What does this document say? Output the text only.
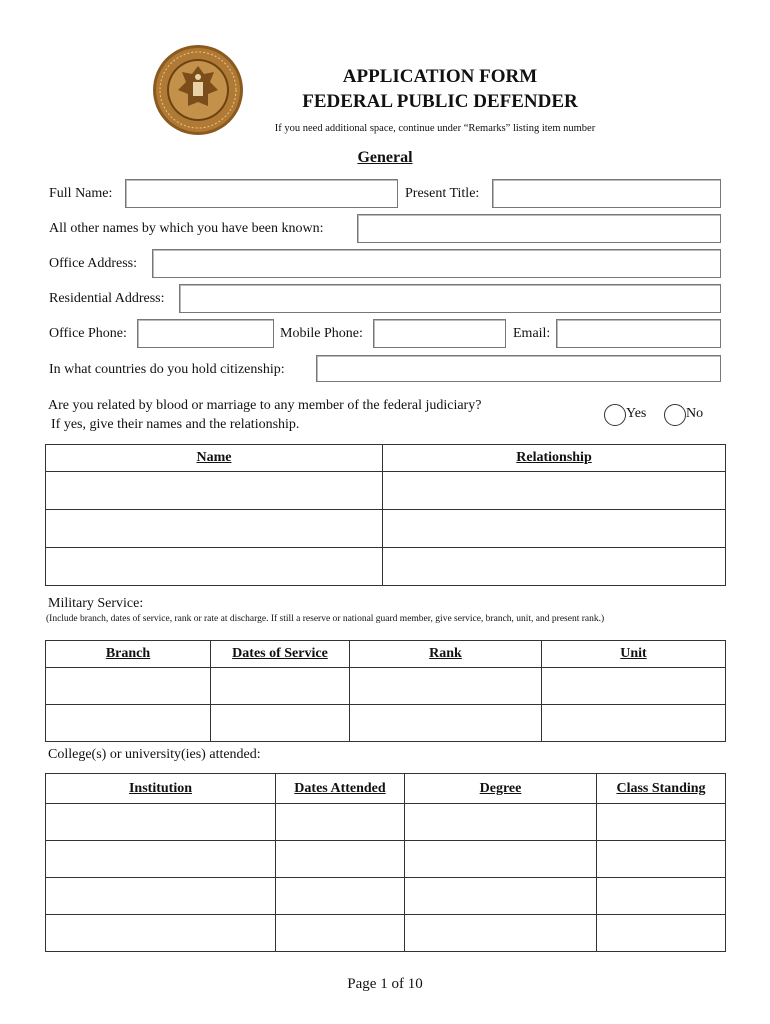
APPLICATION FORM
FEDERAL PUBLIC DEFENDER
If you need additional space, continue under “Remarks” listing item number
General
Full Name:	Present Title:
All other names by which you have been known:
Office Address:
Residential Address:
Office Phone:	Mobile Phone:	Email:
In what countries do you hold citizenship:
Are you related by blood or marriage to any member of the federal judiciary?
If yes, give their names and the relationship.
Yes	No
Name	Relationship

Military Service:
(Include branch, dates of service, rank or rate at discharge. If still a reserve or national guard member, give service, branch, unit, and present rank.)
Branch	Dates of Service	Rank	Unit

College(s) or university(ies) attended:
Institution	Dates Attended	Degree	Class Standing

Page 1 of 10
